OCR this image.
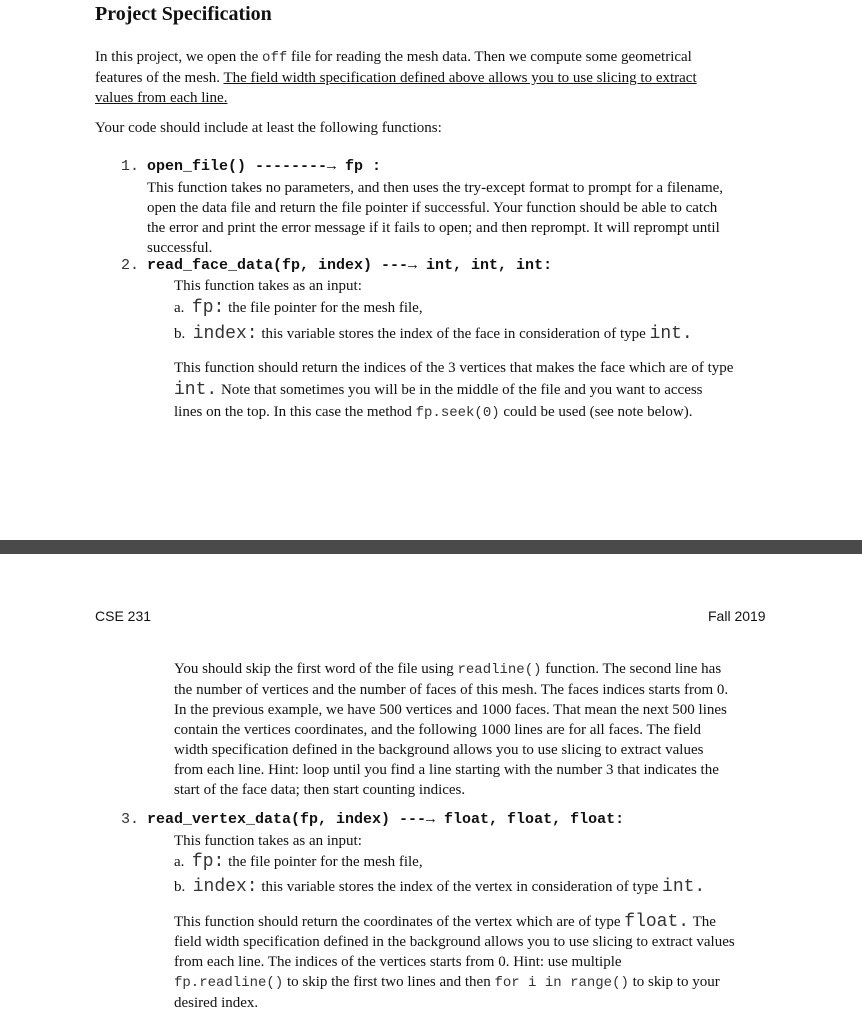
Project Specification
In this project, we open the off file for reading the mesh data. Then we compute some geometrical
features of the mesh. The field width specification defined above allows you to use slicing to extract
values from each line.
Your code should include at least the following functions:
1. open_file() --------→ fp :
This function takes no parameters, and then uses the try-except format to prompt for a filename,
open the data file and return the file pointer if successful. Your function should be able to catch
the error and print the error message if it fails to open; and then reprompt. It will reprompt until
successful.
2. read_face_data(fp, index) ---→ int, int, int:
This function takes as an input:
a. fp: the file pointer for the mesh file,
b. index: this variable stores the index of the face in consideration of type int.
This function should return the indices of the 3 vertices that makes the face which are of type
int. Note that sometimes you will be in the middle of the file and you want to access
lines on the top. In this case the method fp.seek(0) could be used (see note below).
CSE 231	Fall 2019
You should skip the first word of the file using readline() function. The second line has
the number of vertices and the number of faces of this mesh. The faces indices starts from 0.
In the previous example, we have 500 vertices and 1000 faces. That mean the next 500 lines
contain the vertices coordinates, and the following 1000 lines are for all faces. The field
width specification defined in the background allows you to use slicing to extract values
from each line. Hint: loop until you find a line starting with the number 3 that indicates the
start of the face data; then start counting indices.
3. read_vertex_data(fp, index) ---→ float, float, float:
This function takes as an input:
a. fp: the file pointer for the mesh file,
b. index: this variable stores the index of the vertex in consideration of type int.
This function should return the coordinates of the vertex which are of type float. The
field width specification defined in the background allows you to use slicing to extract values
from each line. The indices of the vertices starts from 0. Hint: use multiple
fp.readline() to skip the first two lines and then for i in range() to skip to your
desired index.
